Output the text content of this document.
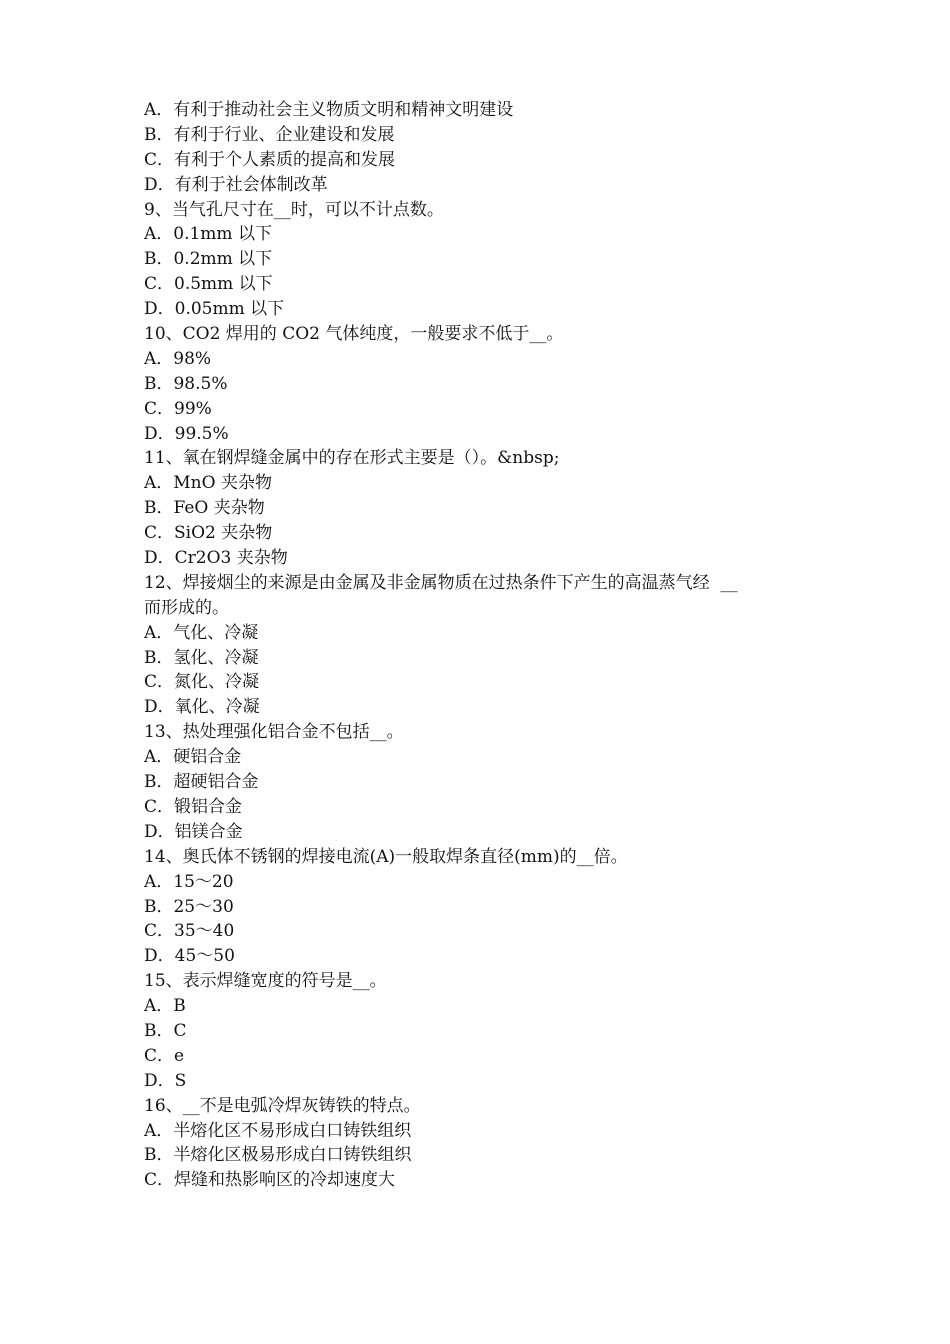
A．有利于推动社会主义物质文明和精神文明建设
B．有利于行业、企业建设和发展
C．有利于个人素质的提高和发展
D．有利于社会体制改革
9、当气孔尺寸在__时，可以不计点数。
A．0.1mm 以下
B．0.2mm 以下
C．0.5mm 以下
D．0.05mm 以下
10、CO2 焊用的 CO2 气体纯度，一般要求不低于__。
A．98%
B．98.5%
C．99%
D．99.5%
11、氧在钢焊缝金属中的存在形式主要是（）。&nbsp;
A．MnO 夹杂物
B．FeO 夹杂物
C．SiO2 夹杂物
D．Cr2O3 夹杂物
12、焊接烟尘的来源是由金属及非金属物质在过热条件下产生的高温蒸气经  __
而形成的。
A．气化、冷凝
B．氢化、冷凝
C．氮化、冷凝
D．氧化、冷凝
13、热处理强化铝合金不包括__。
A．硬铝合金
B．超硬铝合金
C．锻铝合金
D．铝镁合金
14、奥氏体不锈钢的焊接电流(A)一般取焊条直径(mm)的__倍。
A．15～20
B．25～30
C．35～40
D．45～50
15、表示焊缝宽度的符号是__。
A．B
B．C
C．e
D．S
16、__不是电弧冷焊灰铸铁的特点。
A．半熔化区不易形成白口铸铁组织
B．半熔化区极易形成白口铸铁组织
C．焊缝和热影响区的冷却速度大
